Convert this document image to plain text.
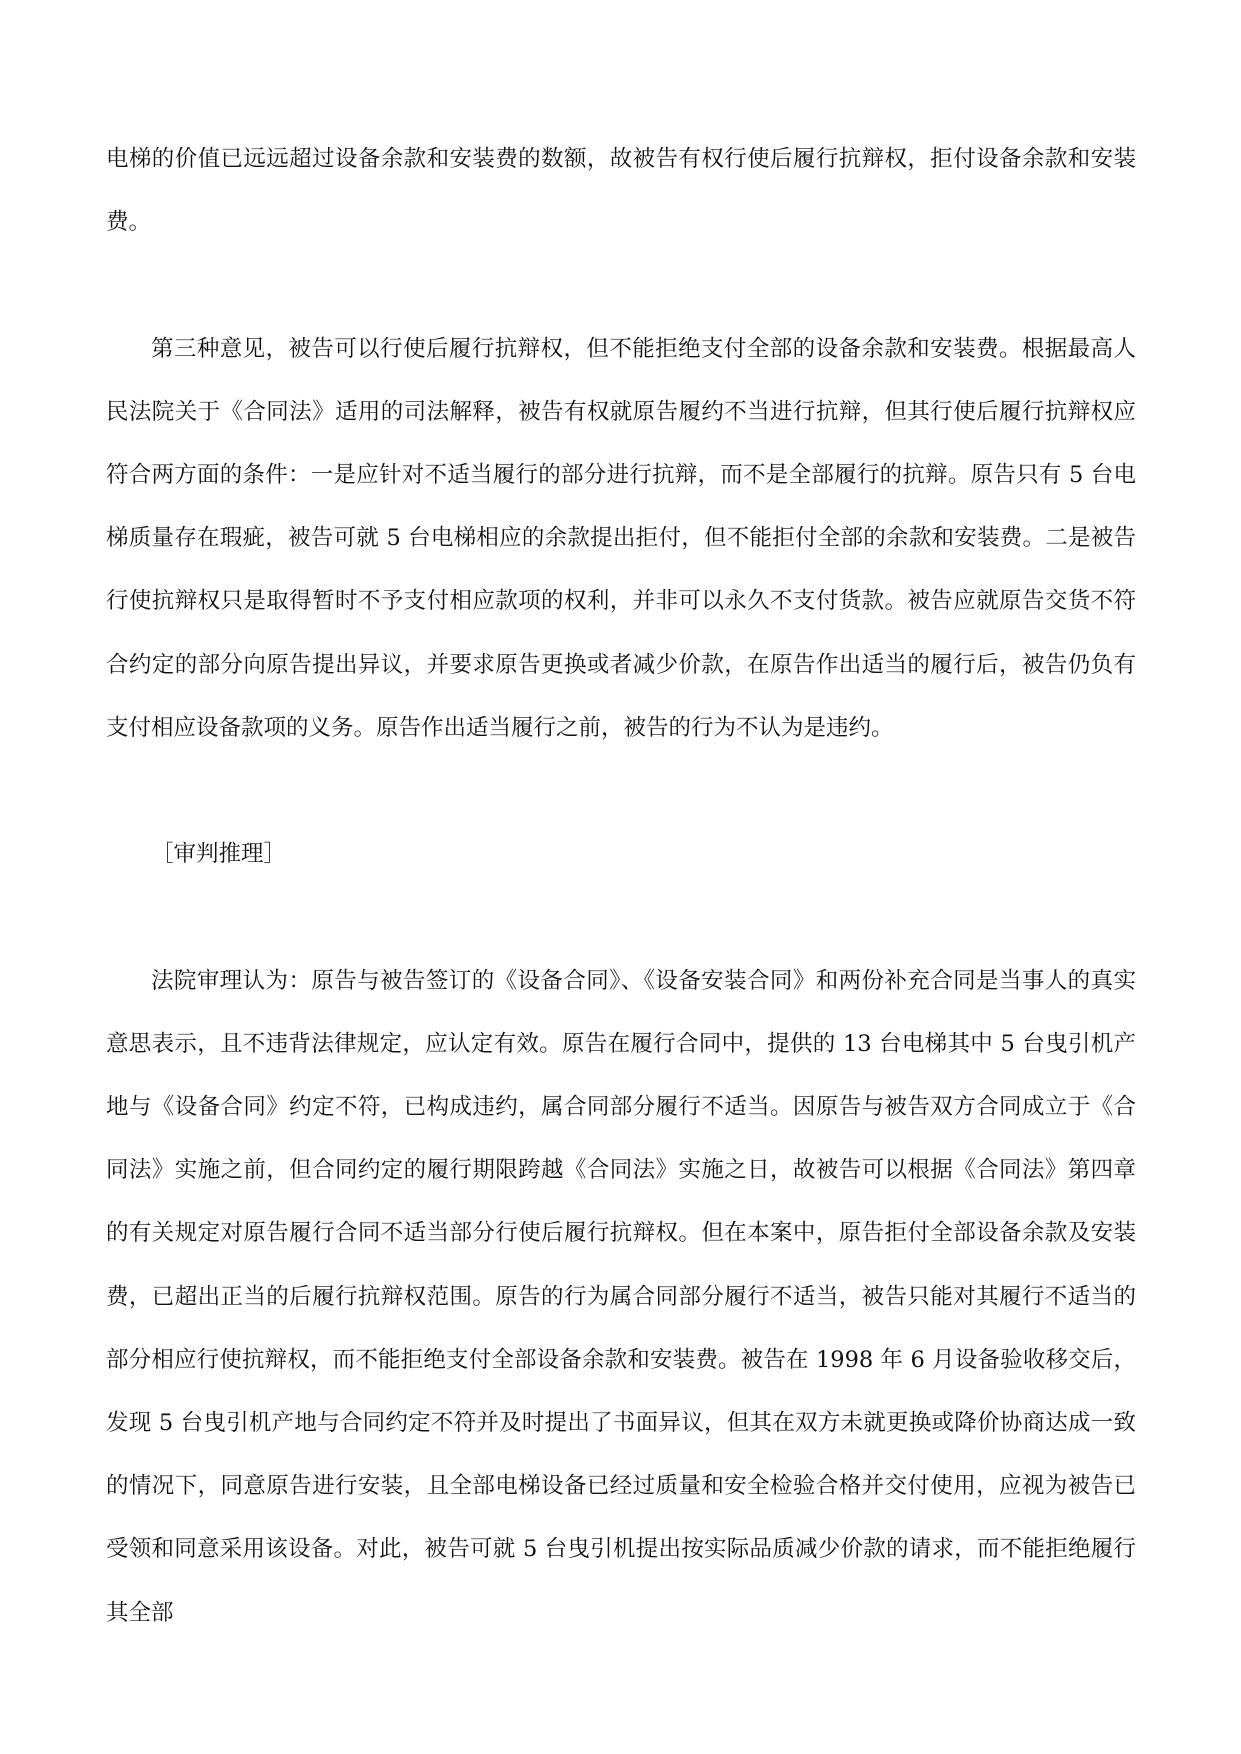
电梯的价值已远远超过设备余款和安装费的数额，故被告有权行使后履行抗辩权，拒付设备余款和安装费。

第三种意见，被告可以行使后履行抗辩权，但不能拒绝支付全部的设备余款和安装费。根据最高人民法院关于《合同法》适用的司法解释，被告有权就原告履约不当进行抗辩，但其行使后履行抗辩权应符合两方面的条件：一是应针对不适当履行的部分进行抗辩，而不是全部履行的抗辩。原告只有 5 台电梯质量存在瑕疵，被告可就 5 台电梯相应的余款提出拒付，但不能拒付全部的余款和安装费。二是被告行使抗辩权只是取得暂时不予支付相应款项的权利，并非可以永久不支付货款。被告应就原告交货不符合约定的部分向原告提出异议，并要求原告更换或者减少价款，在原告作出适当的履行后，被告仍负有支付相应设备款项的义务。原告作出适当履行之前，被告的行为不认为是违约。

［审判推理］

法院审理认为：原告与被告签订的《设备合同》、《设备安装合同》和两份补充合同是当事人的真实意思表示，且不违背法律规定，应认定有效。原告在履行合同中，提供的 13 台电梯其中 5 台曳引机产地与《设备合同》约定不符，已构成违约，属合同部分履行不适当。因原告与被告双方合同成立于《合同法》实施之前，但合同约定的履行期限跨越《合同法》实施之日，故被告可以根据《合同法》第四章的有关规定对原告履行合同不适当部分行使后履行抗辩权。但在本案中，原告拒付全部设备余款及安装费，已超出正当的后履行抗辩权范围。原告的行为属合同部分履行不适当，被告只能对其履行不适当的部分相应行使抗辩权，而不能拒绝支付全部设备余款和安装费。被告在 1998 年 6 月设备验收移交后，发现 5 台曳引机产地与合同约定不符并及时提出了书面异议，但其在双方未就更换或降价协商达成一致的情况下，同意原告进行安装，且全部电梯设备已经过质量和安全检验合格并交付使用，应视为被告已受领和同意采用该设备。对此，被告可就 5 台曳引机提出按实际品质减少价款的请求，而不能拒绝履行其全部
